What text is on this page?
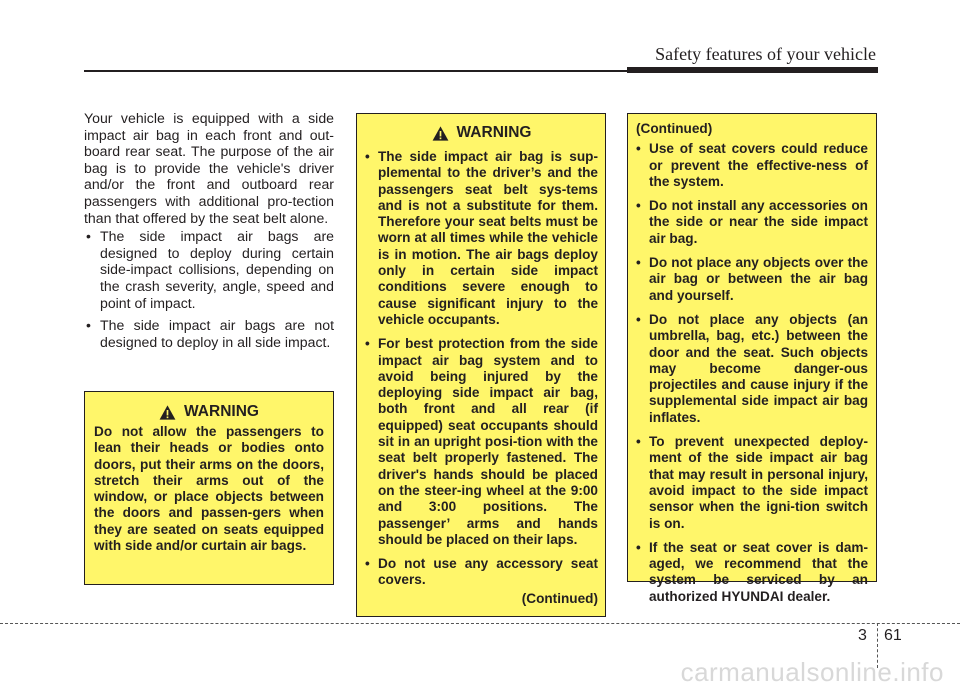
Safety features of your vehicle

Your vehicle is equipped with a side impact air bag in each front and out-board rear seat. The purpose of the air bag is to provide the vehicle's driver and/or the front and outboard rear passengers with additional pro-tection than that offered by the seat belt alone.

• The side impact air bags are designed to deploy during certain side-impact collisions, depending on the crash severity, angle, speed and point of impact.
• The side impact air bags are not designed to deploy in all side impact.
WARNING

Do not allow the passengers to lean their heads or bodies onto doors, put their arms on the doors, stretch their arms out of the window, or place objects between the doors and passen-gers when they are seated on seats equipped with side and/or curtain air bags.

WARNING
• The side impact air bag is sup-plemental to the driver’s and the passengers seat belt sys-tems and is not a substitute for them. Therefore your seat belts must be worn at all times while the vehicle is in motion. The air bags deploy only in certain side impact conditions severe enough to cause significant injury to the vehicle occupants.
• For best protection from the side impact air bag system and to avoid being injured by the deploying side impact air bag, both front and all rear (if equipped) seat occupants should sit in an upright posi-tion with the seat belt properly fastened. The driver's hands should be placed on the steer-ing wheel at the 9:00 and 3:00 positions. The passenger’ arms and hands should be placed on their laps.
• Do not use any accessory seat covers.

(Continued)

(Continued)

• Use of seat covers could reduce or prevent the effective-ness of the system.
• Do not install any accessories on the side or near the side impact air bag.
• Do not place any objects over the air bag or between the air bag and yourself.
• Do not place any objects (an umbrella, bag, etc.) between the door and the seat. Such objects may become danger-ous projectiles and cause injury if the supplemental side impact air bag inflates.
• To prevent unexpected deploy-ment of the side impact air bag that may result in personal injury, avoid impact to the side impact sensor when the igni-tion switch is on.
• If the seat or seat cover is dam-aged, we recommend that the system be serviced by an authorized HYUNDAI dealer.
3 61
carmanualsonline.info
